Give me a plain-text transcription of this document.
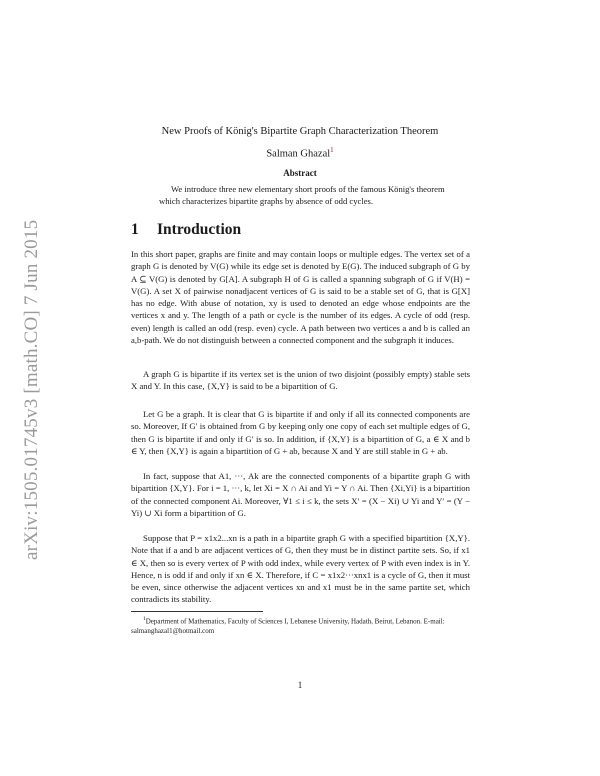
arXiv:1505.01745v3 [math.CO] 7 Jun 2015
New Proofs of König's Bipartite Graph Characterization Theorem
Salman Ghazal$^1$
Abstract
We introduce three new elementary short proofs of the famous König's theorem which characterizes bipartite graphs by absence of odd cycles.
1 Introduction

In this short paper, graphs are finite and may contain loops or multiple edges. The vertex set of a graph G is denoted by V(G) while its edge set is denoted by E(G). The induced subgraph of G by A ⊆ V(G) is denoted by G[A]. A subgraph H of G is called a spanning subgraph of G if V(H) = V(G). A set X of pairwise nonadjacent vertices of G is said to be a stable set of G, that is G[X] has no edge. With abuse of notation, xy is used to denoted an edge whose endpoints are the vertices x and y. The length of a path or cycle is the number of its edges. A cycle of odd (resp. even) length is called an odd (resp. even) cycle. A path between two vertices a and b is called an a,b-path. We do not distinguish between a connected component and the subgraph it induces.

A graph G is bipartite if its vertex set is the union of two disjoint (possibly empty) stable sets X and Y. In this case, {X,Y} is said to be a bipartition of G.

Let G be a graph. It is clear that G is bipartite if and only if all its connected components are so. Moreover, If G′ is obtained from G by keeping only one copy of each set multiple edges of G, then G is bipartite if and only if G′ is so. In addition, if {X,Y} is a bipartition of G, a ∈ X and b ∈ Y, then {X,Y} is again a bipartition of G + ab, because X and Y are still stable in G + ab.

In fact, suppose that A1, ···, Ak are the connected components of a bipartite graph G with bipartition {X,Y}. For i = 1, ···, k, let Xi = X ∩ Ai and Yi = Y ∩ Ai. Then {Xi,Yi} is a bipartition of the connected component Ai. Moreover, ∀1 ≤ i ≤ k, the sets X′ = (X − Xi) ∪ Yi and Y′ = (Y − Yi) ∪ Xi form a bipartition of G.

Suppose that P = x1x2...xn is a path in a bipartite graph G with a specified bipartition {X,Y}. Note that if a and b are adjacent vertices of G, then they must be in distinct partite sets. So, if x1 ∈ X, then so is every vertex of P with odd index, while every vertex of P with even index is in Y. Hence, n is odd if and only if xn ∈ X. Therefore, if C = x1x2···xnx1 is a cycle of G, then it must be even, since otherwise the adjacent vertices xn and x1 must be in the same partite set, which contradicts its stability.

$^1$Department of Mathematics, Faculty of Sciences I, Lebanese University, Hadath, Beirut, Lebanon. E-mail: salmanghazal1@hotmail.com
1
